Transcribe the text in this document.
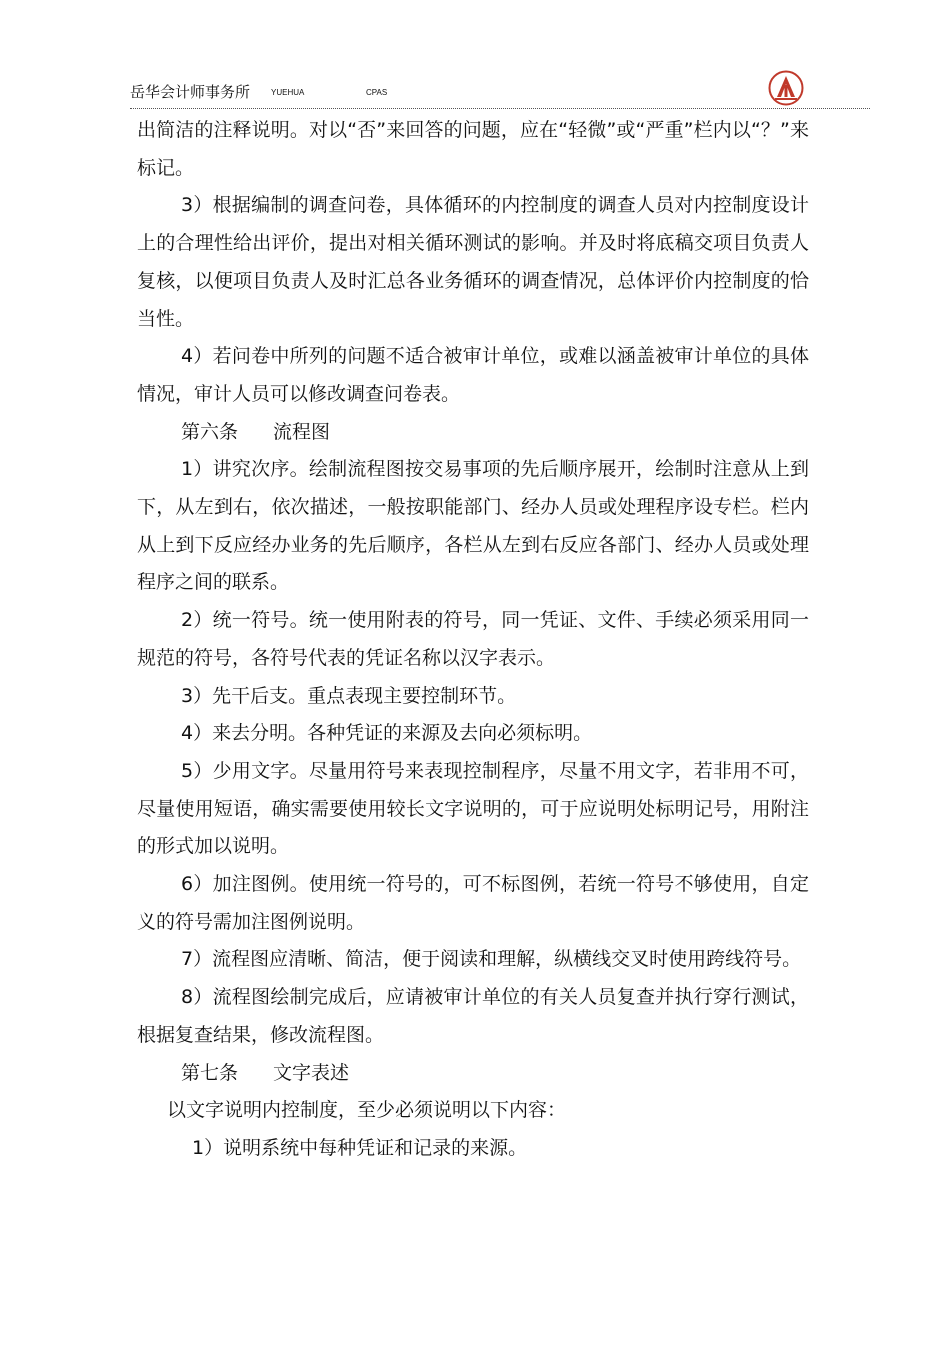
岳华会计师事务所	YUEHUA	CPAS

出简洁的注释说明。对以“否”来回答的问题，应在“轻微”或“严重”栏内以“？”来标记。

3）根据编制的调查问卷，具体循环的内控制度的调查人员对内控制度设计上的合理性给出评价，提出对相关循环测试的影响。并及时将底稿交项目负责人复核，以便项目负责人及时汇总各业务循环的调查情况，总体评价内控制度的恰当性。

4）若问卷中所列的问题不适合被审计单位，或难以涵盖被审计单位的具体情况，审计人员可以修改调查问卷表。

第六条 流程图

1）讲究次序。绘制流程图按交易事项的先后顺序展开，绘制时注意从上到下，从左到右，依次描述，一般按职能部门、经办人员或处理程序设专栏。栏内从上到下反应经办业务的先后顺序，各栏从左到右反应各部门、经办人员或处理程序之间的联系。

2）统一符号。统一使用附表的符号，同一凭证、文件、手续必须采用同一规范的符号，各符号代表的凭证名称以汉字表示。

3）先干后支。重点表现主要控制环节。

4）来去分明。各种凭证的来源及去向必须标明。

5）少用文字。尽量用符号来表现控制程序，尽量不用文字，若非用不可，尽量使用短语，确实需要使用较长文字说明的，可于应说明处标明记号，用附注的形式加以说明。

6）加注图例。使用统一符号的，可不标图例，若统一符号不够使用，自定义的符号需加注图例说明。

7）流程图应清晰、简洁，便于阅读和理解，纵横线交叉时使用跨线符号。

8）流程图绘制完成后，应请被审计单位的有关人员复查并执行穿行测试，根据复查结果，修改流程图。

第七条 文字表述

以文字说明内控制度，至少必须说明以下内容：

1）说明系统中每种凭证和记录的来源。
